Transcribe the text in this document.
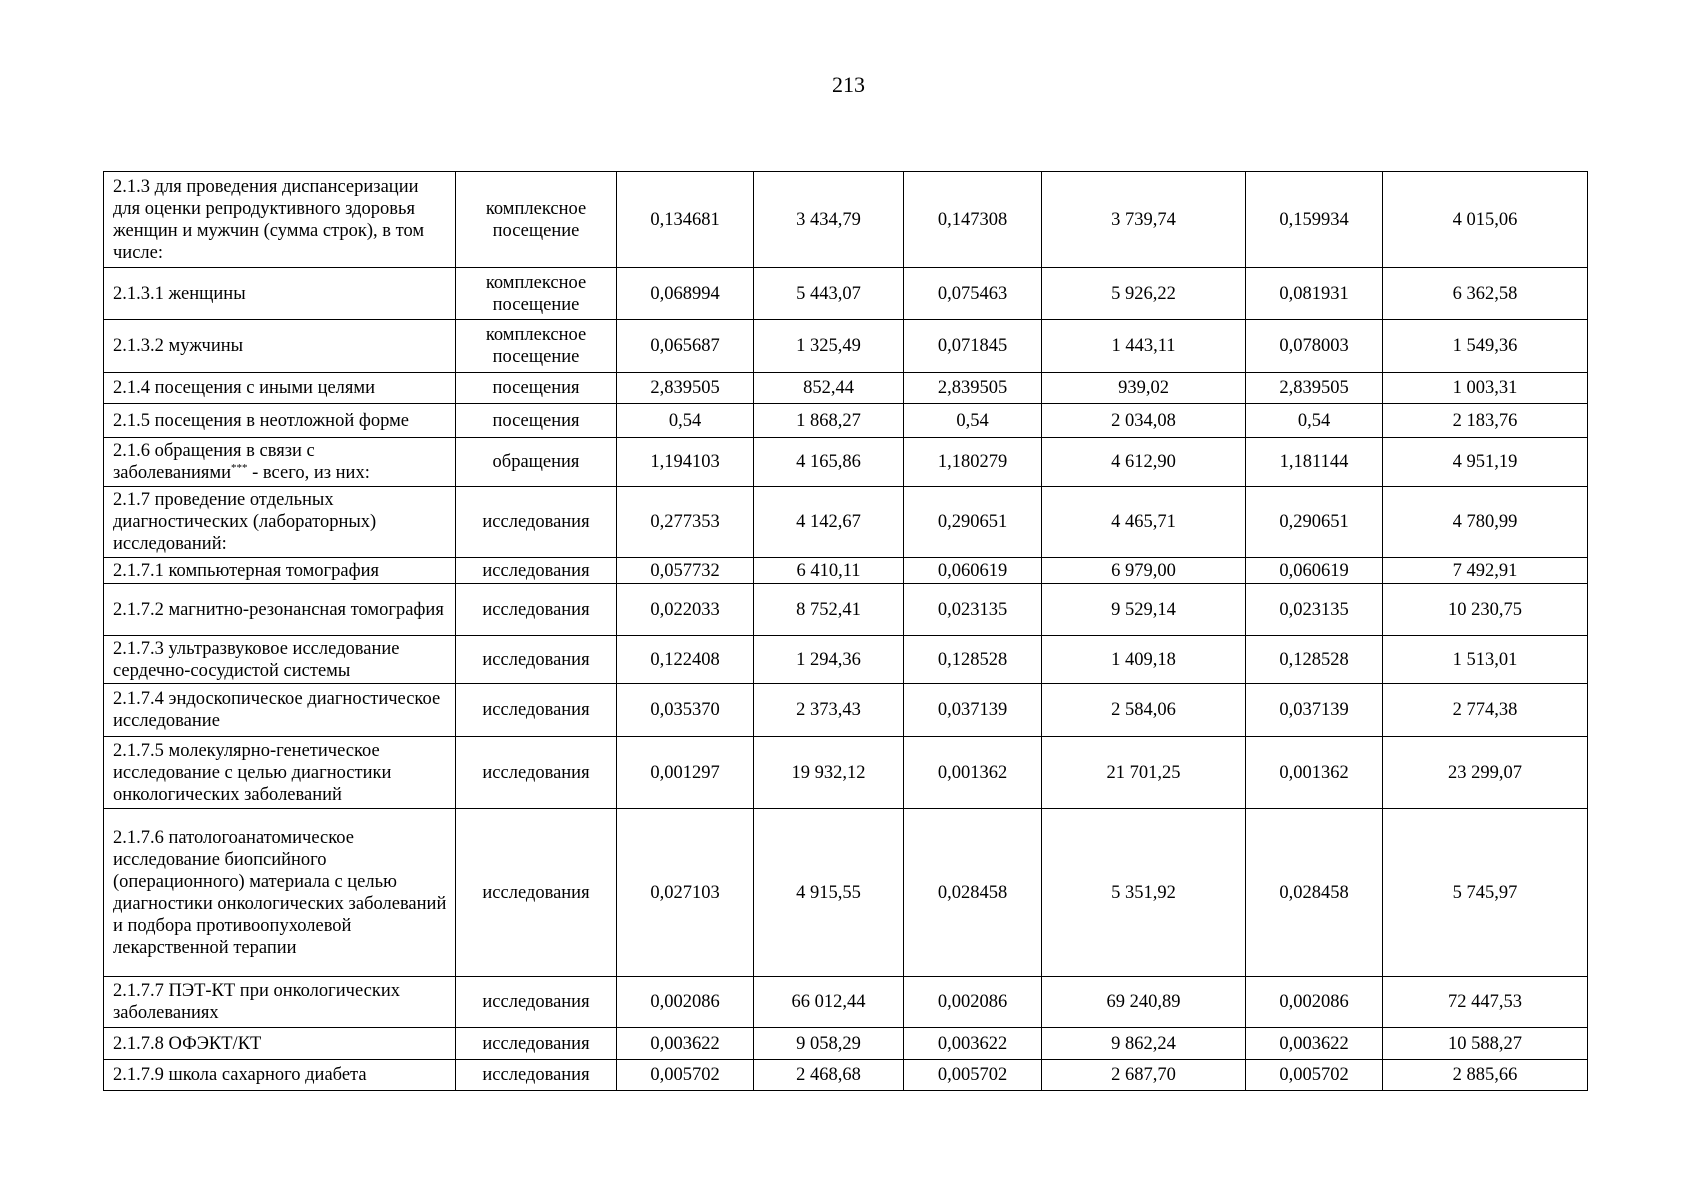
213
2.1.3 для проведения диспансеризации для оценки репродуктивного здоровья женщин и мужчин (сумма строк), в том числе:	комплексное посещение	0,134681	3 434,79	0,147308	3 739,74	0,159934	4 015,06
2.1.3.1 женщины	комплексное посещение	0,068994	5 443,07	0,075463	5 926,22	0,081931	6 362,58
2.1.3.2 мужчины	комплексное посещение	0,065687	1 325,49	0,071845	1 443,11	0,078003	1 549,36
2.1.4 посещения с иными целями	посещения	2,839505	852,44	2,839505	939,02	2,839505	1 003,31
2.1.5 посещения в неотложной форме	посещения	0,54	1 868,27	0,54	2 034,08	0,54	2 183,76
2.1.6 обращения в связи с заболеваниями*** - всего, из них:	обращения	1,194103	4 165,86	1,180279	4 612,90	1,181144	4 951,19
2.1.7 проведение отдельных диагностических (лабораторных) исследований:	исследования	0,277353	4 142,67	0,290651	4 465,71	0,290651	4 780,99
2.1.7.1 компьютерная томография	исследования	0,057732	6 410,11	0,060619	6 979,00	0,060619	7 492,91
2.1.7.2 магнитно-резонансная томография	исследования	0,022033	8 752,41	0,023135	9 529,14	0,023135	10 230,75
2.1.7.3 ультразвуковое исследование сердечно-сосудистой системы	исследования	0,122408	1 294,36	0,128528	1 409,18	0,128528	1 513,01
2.1.7.4 эндоскопическое диагностическое исследование	исследования	0,035370	2 373,43	0,037139	2 584,06	0,037139	2 774,38
2.1.7.5 молекулярно-генетическое исследование с целью диагностики онкологических заболеваний	исследования	0,001297	19 932,12	0,001362	21 701,25	0,001362	23 299,07
2.1.7.6 патологоанатомическое исследование биопсийного (операционного) материала с целью диагностики онкологических заболеваний и подбора противоопухолевой лекарственной терапии	исследования	0,027103	4 915,55	0,028458	5 351,92	0,028458	5 745,97
2.1.7.7 ПЭТ-КТ при онкологических заболеваниях	исследования	0,002086	66 012,44	0,002086	69 240,89	0,002086	72 447,53
2.1.7.8 ОФЭКТ/КТ	исследования	0,003622	9 058,29	0,003622	9 862,24	0,003622	10 588,27
2.1.7.9 школа сахарного диабета	исследования	0,005702	2 468,68	0,005702	2 687,70	0,005702	2 885,66
